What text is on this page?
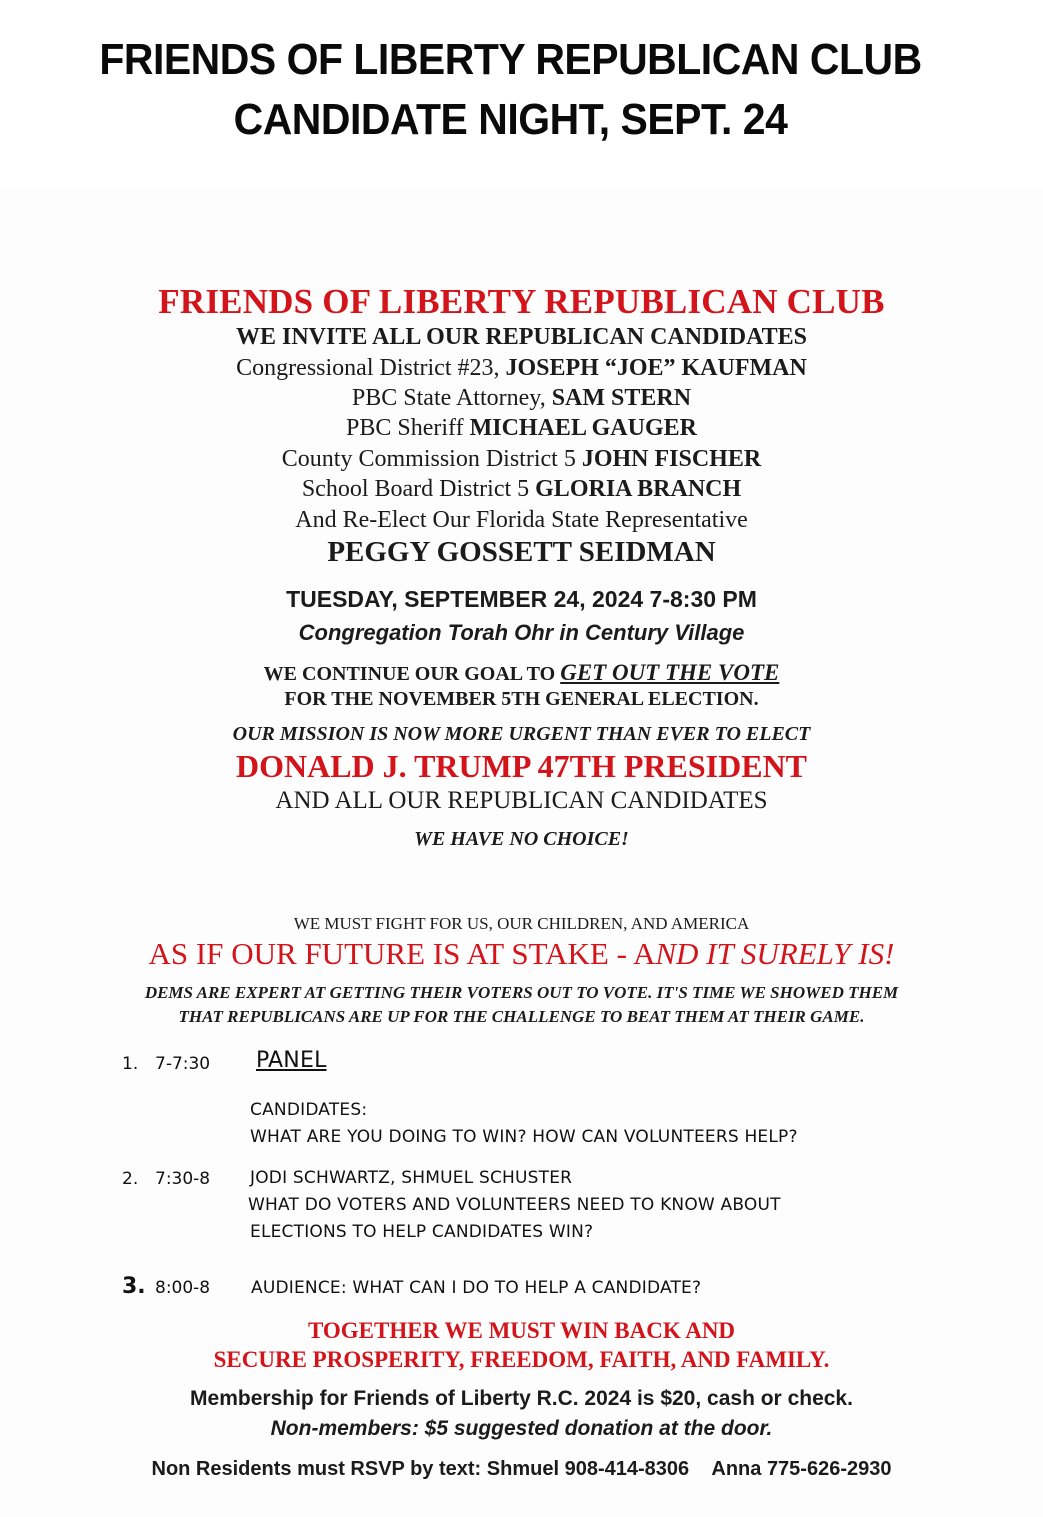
FRIENDS OF LIBERTY REPUBLICAN CLUB
CANDIDATE NIGHT, SEPT. 24
FRIENDS OF LIBERTY REPUBLICAN CLUB
WE INVITE ALL OUR REPUBLICAN CANDIDATES
Congressional District #23, JOSEPH “JOE” KAUFMAN
PBC State Attorney, SAM STERN
PBC Sheriff MICHAEL GAUGER
County Commission District 5 JOHN FISCHER
School Board District 5 GLORIA BRANCH
And Re-Elect Our Florida State Representative
PEGGY GOSSETT SEIDMAN
TUESDAY, SEPTEMBER 24, 2024 7-8:30 PM
Congregation Torah Ohr in Century Village
WE CONTINUE OUR GOAL TO GET OUT THE VOTE
FOR THE NOVEMBER 5TH GENERAL ELECTION.
OUR MISSION IS NOW MORE URGENT THAN EVER TO ELECT
DONALD J. TRUMP 47TH PRESIDENT
AND ALL OUR REPUBLICAN CANDIDATES
WE HAVE NO CHOICE!
WE MUST FIGHT FOR US, OUR CHILDREN, AND AMERICA
AS IF OUR FUTURE IS AT STAKE - AND IT SURELY IS!
DEMS ARE EXPERT AT GETTING THEIR VOTERS OUT TO VOTE. IT'S TIME WE SHOWED THEM
THAT REPUBLICANS ARE UP FOR THE CHALLENGE TO BEAT THEM AT THEIR GAME.
1. 7-7:30 PANEL
CANDIDATES:
WHAT ARE YOU DOING TO WIN? HOW CAN VOLUNTEERS HELP?
2. 7:30-8 JODI SCHWARTZ, SHMUEL SCHUSTER
WHAT DO VOTERS AND VOLUNTEERS NEED TO KNOW ABOUT
ELECTIONS TO HELP CANDIDATES WIN?
3. 8:00-8 AUDIENCE: WHAT CAN I DO TO HELP A CANDIDATE?
TOGETHER WE MUST WIN BACK AND
SECURE PROSPERITY, FREEDOM, FAITH, AND FAMILY.
Membership for Friends of Liberty R.C. 2024 is $20, cash or check.
Non-members: $5 suggested donation at the door.
Non Residents must RSVP by text: Shmuel 908-414-8306 Anna 775-626-2930
